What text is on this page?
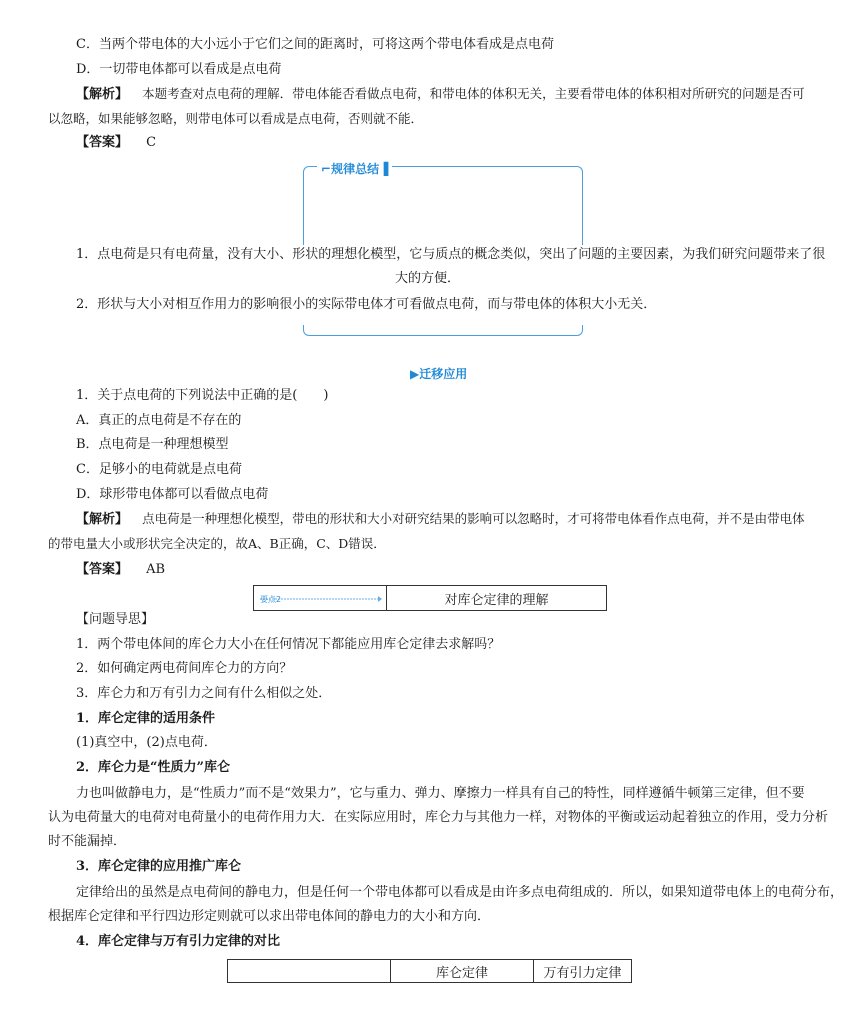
C．当两个带电体的大小远小于它们之间的距离时，可将这两个带电体看成是点电荷
D．一切带电体都可以看成是点电荷
【解析】 本题考查对点电荷的理解．带电体能否看做点电荷，和带电体的体积无关，主要看带电体的体积相对所研究的问题是否可
以忽略，如果能够忽略，则带电体可以看成是点电荷，否则就不能．
【答案】 C
⌐规律总结▐
1．点电荷是只有电荷量，没有大小、形状的理想化模型，它与质点的概念类似，突出了问题的主要因素，为我们研究问题带来了很
大的方便．
2．形状与大小对相互作用力的影响很小的实际带电体才可看做点电荷，而与带电体的体积大小无关．
▶迁移应用
1．关于点电荷的下列说法中正确的是(　　)
A．真正的点电荷是不存在的
B．点电荷是一种理想模型
C．足够小的电荷就是点电荷
D．球形带电体都可以看做点电荷
【解析】 点电荷是一种理想化模型，带电的形状和大小对研究结果的影响可以忽略时，才可将带电体看作点电荷，并不是由带电体
的带电量大小或形状完全决定的，故A、B正确，C、D错误．
【答案】 AB
要点2	对库仑定律的理解
【问题导思】
1．两个带电体间的库仑力大小在任何情况下都能应用库仑定律去求解吗？
2．如何确定两电荷间库仑力的方向？
3．库仑力和万有引力之间有什么相似之处．
1．库仑定律的适用条件
(1)真空中，(2)点电荷．
2．库仑力是“性质力”库仑
力也叫做静电力，是“性质力”而不是“效果力”，它与重力、弹力、摩擦力一样具有自己的特性，同样遵循牛顿第三定律，但不要
认为电荷量大的电荷对电荷量小的电荷作用力大．在实际应用时，库仑力与其他力一样，对物体的平衡或运动起着独立的作用，受力分析
时不能漏掉．
3．库仑定律的应用推广库仑
定律给出的虽然是点电荷间的静电力，但是任何一个带电体都可以看成是由许多点电荷组成的．所以，如果知道带电体上的电荷分布，
根据库仑定律和平行四边形定则就可以求出带电体间的静电力的大小和方向．
4．库仑定律与万有引力定律的对比
	库仑定律	万有引力定律
